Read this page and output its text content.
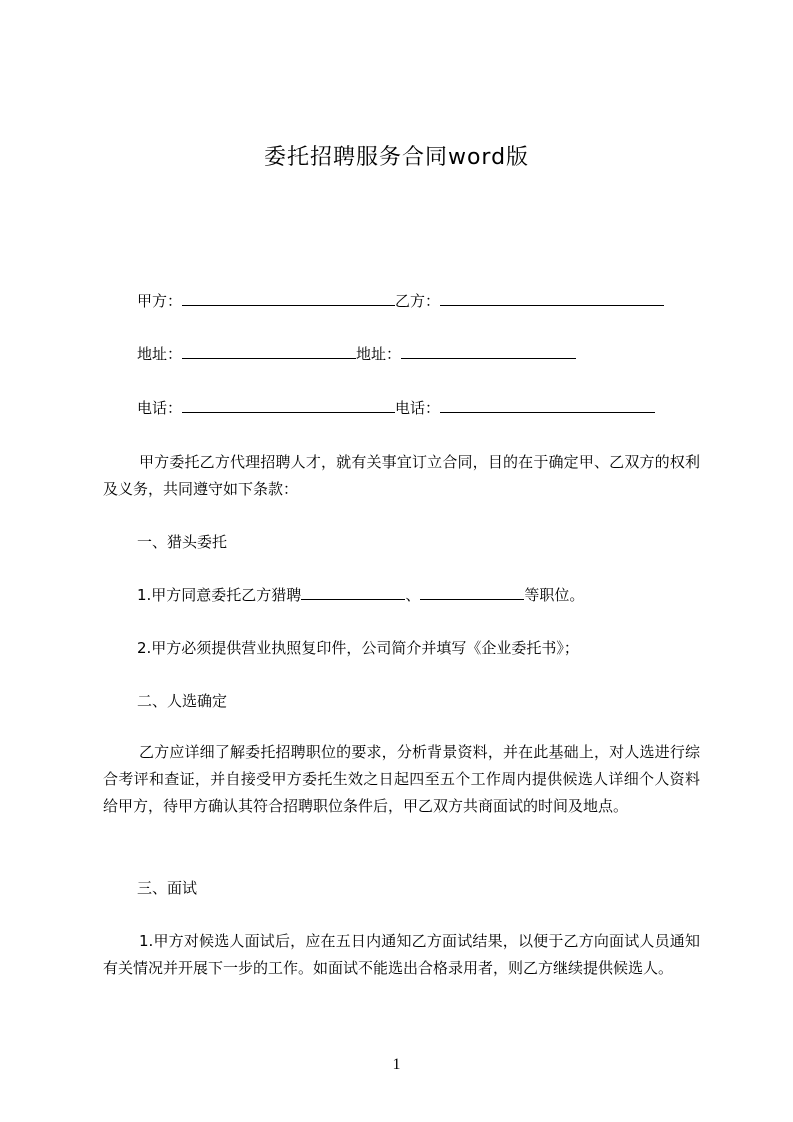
委托招聘服务合同word版
甲方：	乙方：
地址：	地址：
电话：	电话：
甲方委托乙方代理招聘人才，就有关事宜订立合同，目的在于确定甲、乙双方的权利及义务，共同遵守如下条款：
一、猎头委托
1.甲方同意委托乙方猎聘	、	等职位。
2.甲方必须提供营业执照复印件，公司简介并填写《企业委托书》；
二、人选确定
乙方应详细了解委托招聘职位的要求，分析背景资料，并在此基础上，对人选进行综合考评和查证，并自接受甲方委托生效之日起四至五个工作周内提供候选人详细个人资料给甲方，待甲方确认其符合招聘职位条件后，甲乙双方共商面试的时间及地点。
三、面试
1.甲方对候选人面试后，应在五日内通知乙方面试结果，以便于乙方向面试人员通知有关情况并开展下一步的工作。如面试不能选出合格录用者，则乙方继续提供候选人。
1
